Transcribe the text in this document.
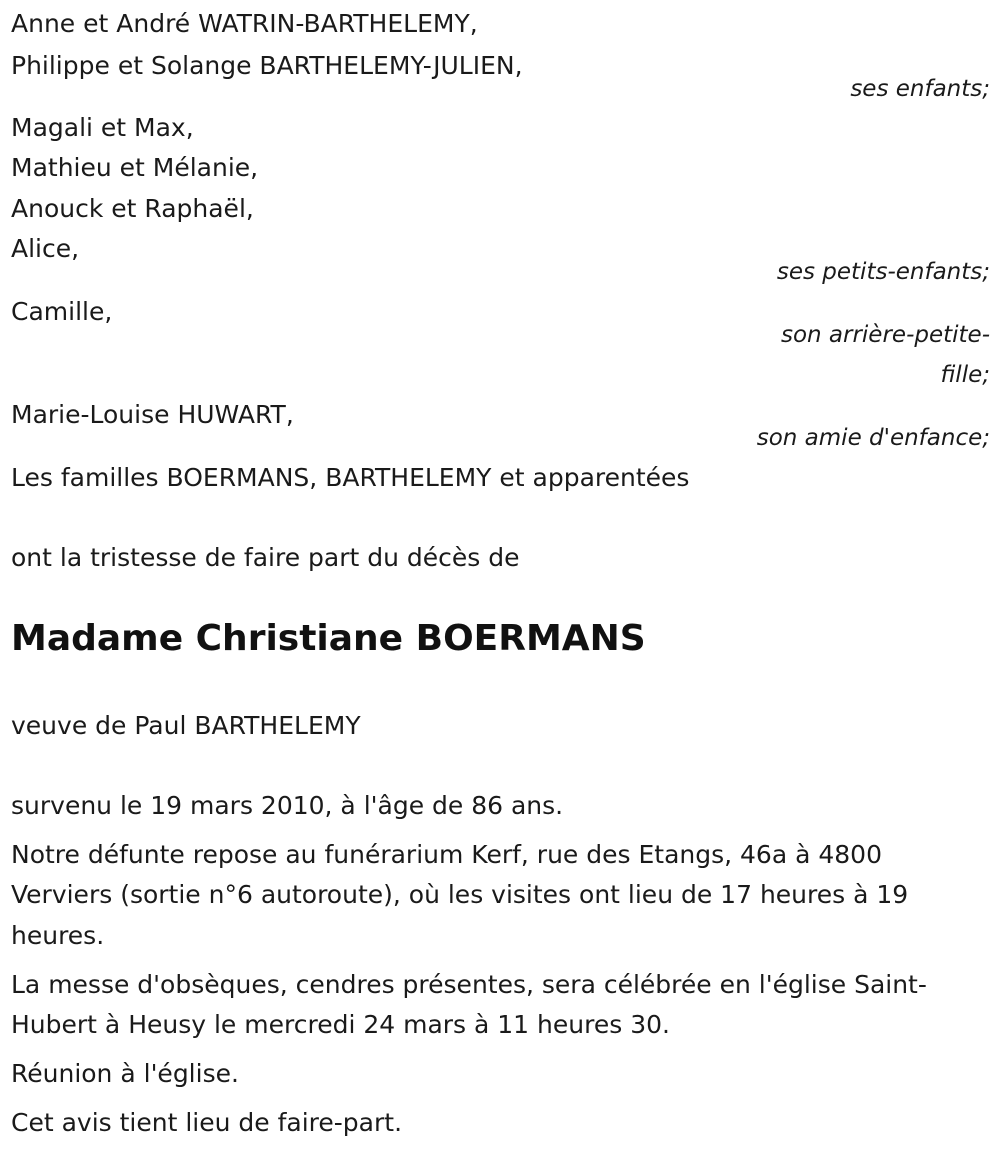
Anne et André WATRIN-BARTHELEMY,
Philippe et Solange BARTHELEMY-JULIEN,
ses enfants;
Magali et Max,
Mathieu et Mélanie,
Anouck et Raphaël,
Alice,
ses petits-enfants;
Camille,
son arrière-petite-
fille;
Marie-Louise HUWART,
son amie d'enfance;
Les familles BOERMANS, BARTHELEMY et apparentées
ont la tristesse de faire part du décès de
Madame Christiane BOERMANS
veuve de Paul BARTHELEMY
survenu le 19 mars 2010, à l'âge de 86 ans.
Notre défunte repose au funérarium Kerf, rue des Etangs, 46a à 4800
Verviers (sortie n°6 autoroute), où les visites ont lieu de 17 heures à 19
heures.
La messe d'obsèques, cendres présentes, sera célébrée en l'église Saint-
Hubert à Heusy le mercredi 24 mars à 11 heures 30.
Réunion à l'église.
Cet avis tient lieu de faire-part.
